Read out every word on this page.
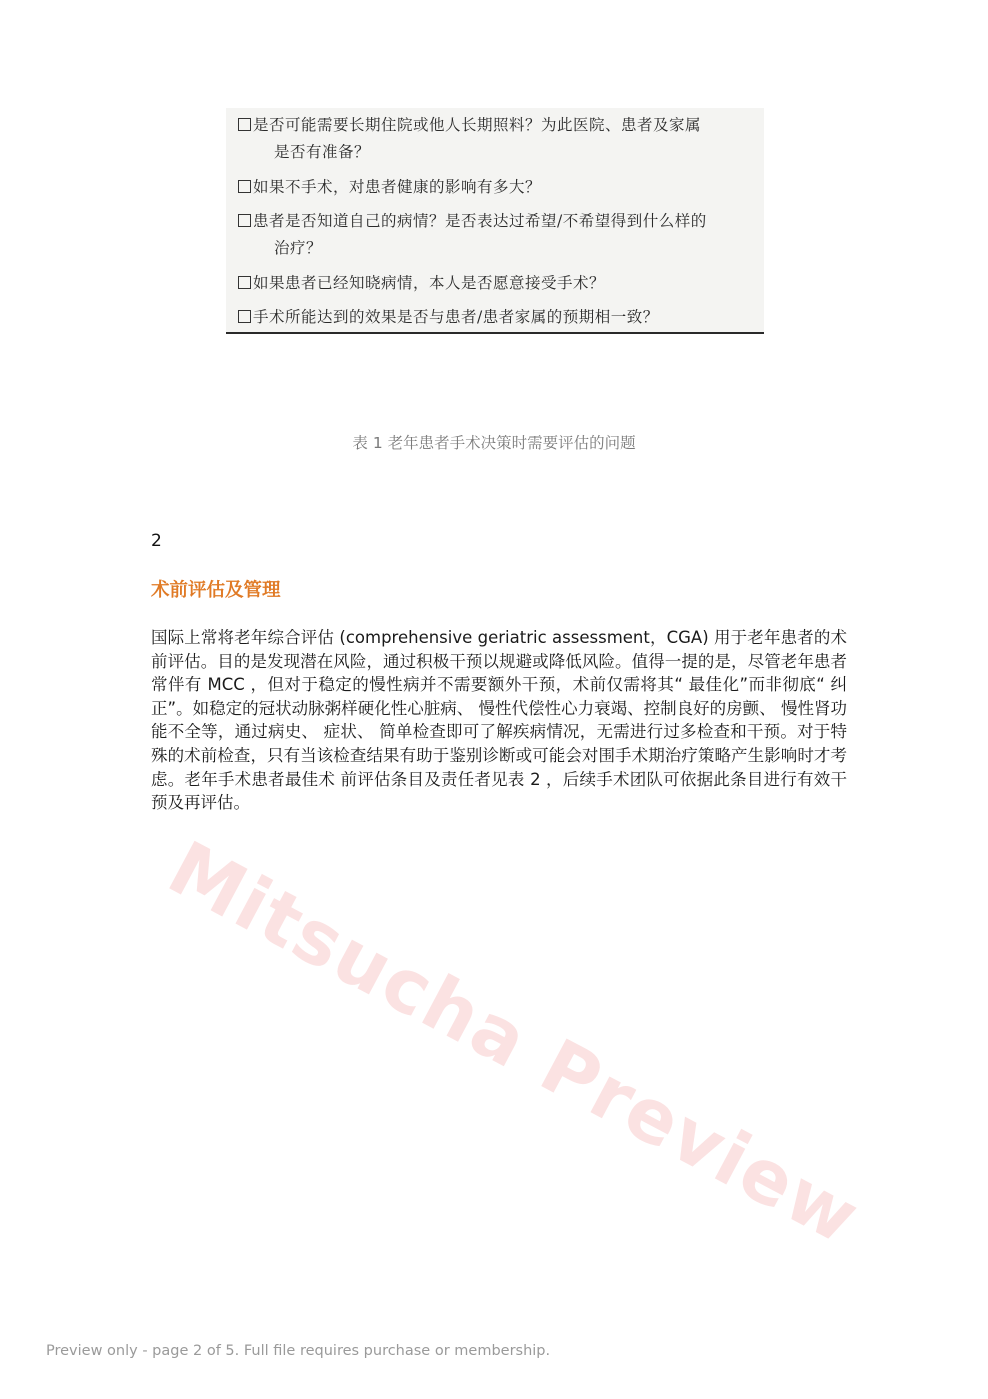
是否可能需要长期住院或他人长期照料？为此医院、患者及家属
是否有准备？
如果不手术，对患者健康的影响有多大？
患者是否知道自己的病情？是否表达过希望/不希望得到什么样的
治疗？
如果患者已经知晓病情，本人是否愿意接受手术？
手术所能达到的效果是否与患者/患者家属的预期相一致？
表 1 老年患者手术决策时需要评估的问题
2
术前评估及管理
国际上常将老年综合评估 (comprehensive geriatric assessment，CGA) 用于老年患者的术前评估。目的是发现潜在风险，通过积极干预以规避或降低风险。值得一提的是，尽管老年患者常伴有 MCC ，但对于稳定的慢性病并不需要额外干预，术前仅需将其“ 最佳化”而非彻底“ 纠正”。如稳定的冠状动脉粥样硬化性心脏病、 慢性代偿性心力衰竭、控制良好的房颤、 慢性肾功能不全等，通过病史、 症状、 简单检查即可了解疾病情况，无需进行过多检查和干预。对于特殊的术前检查，只有当该检查结果有助于鉴别诊断或可能会对围手术期治疗策略产生影响时才考虑。老年手术患者最佳术 前评估条目及责任者见表 2 ，后续手术团队可依据此条目进行有效干预及再评估。
Mitsucha Preview
Preview only - page 2 of 5. Full file requires purchase or membership.
